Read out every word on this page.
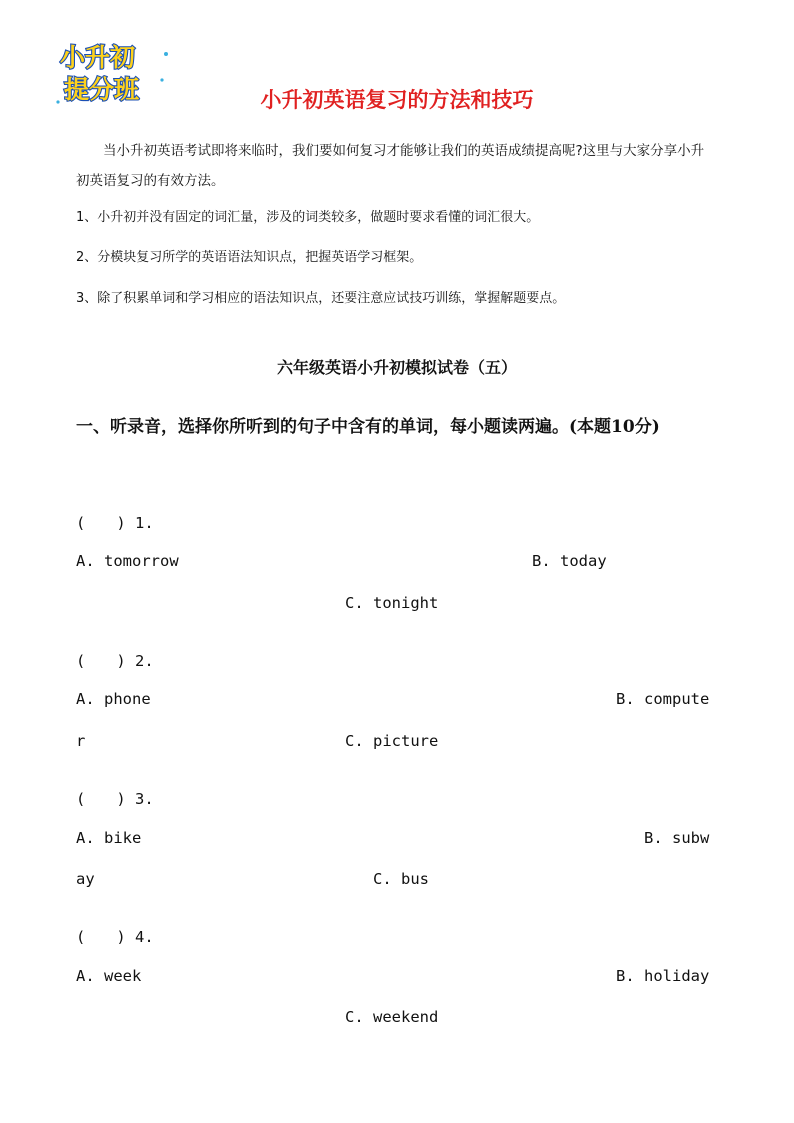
小升初
提分班	小升初英语复习的方法和技巧
当小升初英语考试即将来临时，我们要如何复习才能够让我们的英语成绩提高呢?这里与大家分享小升初英语复习的有效方法。
1、小升初并没有固定的词汇量，涉及的词类较多，做题时要求看懂的词汇很大。
2、分模块复习所学的英语语法知识点，把握英语学习框架。
3、除了积累单词和学习相应的语法知识点，还要注意应试技巧训练，掌握解题要点。
六年级英语小升初模拟试卷（五）
一、听录音，选择你所听到的句子中含有的单词，每小题读两遍。(本题10分)
(　　) 1.
A. tomorrow	B. today
C. tonight
(　　) 2.
A. phone	B. compute
r	C. picture
(　　) 3.
A. bike	B. subw
ay	C. bus
(　　) 4.
A. week	B. holiday
C. weekend
